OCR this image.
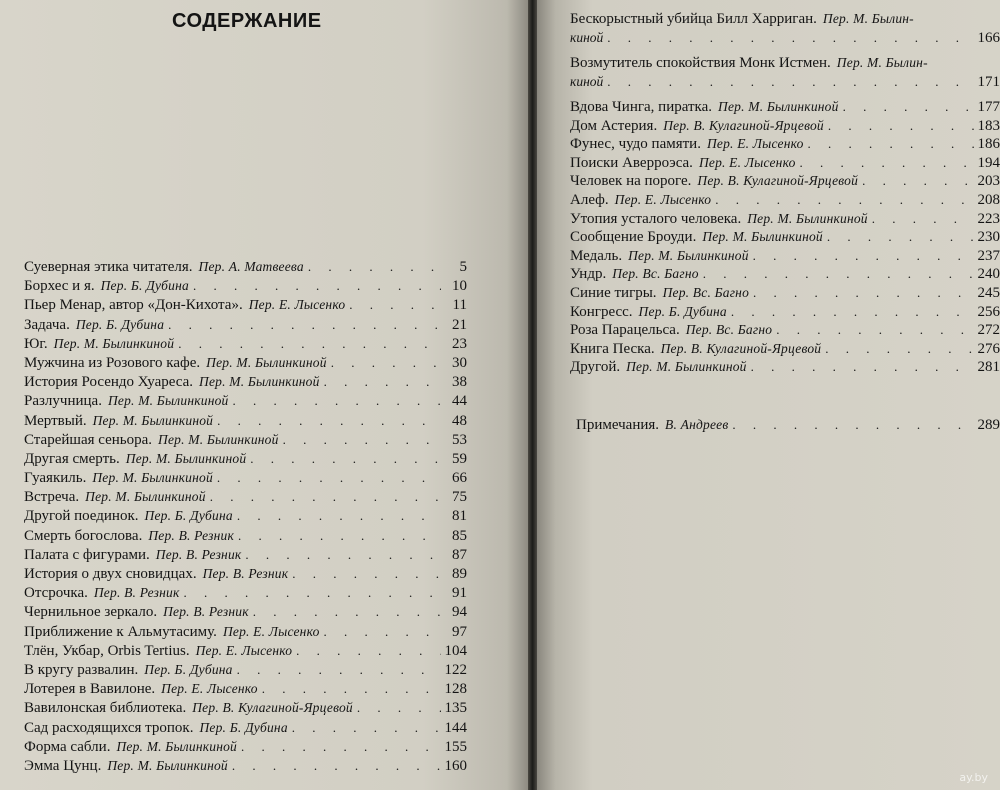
СОДЕРЖАНИЕ
Суеверная этика читателя. Пер. А. Матвеева . . .	5
Борхес и я. Пер. Б. Дубина . . .	10
Пьер Менар, автор «Дон-Кихота». Пер. Е. Лысенко . . .	11
Задача. Пер. Б. Дубина . . .	21
Юг. Пер. М. Былинкиной . . .	23
Мужчина из Розового кафе. Пер. М. Былинкиной . . .	30
История Росендо Хуареса. Пер. М. Былинкиной . . .	38
Разлучница. Пер. М. Былинкиной . . .	44
Мертвый. Пер. М. Былинкиной . . .	48
Старейшая сеньора. Пер. М. Былинкиной . . .	53
Другая смерть. Пер. М. Былинкиной . . .	59
Гуаякиль. Пер. М. Былинкиной . . .	66
Встреча. Пер. М. Былинкиной . . .	75
Другой поединок. Пер. Б. Дубина . . .	81
Смерть богослова. Пер. В. Резник . . .	85
Палата с фигурами. Пер. В. Резник . . .	87
История о двух сновидцах. Пер. В. Резник . . .	89
Отсрочка. Пер. В. Резник . . .	91
Чернильное зеркало. Пер. В. Резник . . .	94
Приближение к Альмутасиму. Пер. Е. Лысенко . . .	97
Тлён, Укбар, Orbis Tertius. Пер. Е. Лысенко . . .	104
В кругу развалин. Пер. Б. Дубина . . .	122
Лотерея в Вавилоне. Пер. Е. Лысенко . . .	128
Вавилонская библиотека. Пер. В. Кулагиной-Ярцевой . . .	135
Сад расходящихся тропок. Пер. Б. Дубина . . .	144
Форма сабли. Пер. М. Былинкиной . . .	155
Эмма Цунц. Пер. М. Былинкиной . . .	160
Бескорыстный убийца Билл Харриган. Пер. М. Былин-
киной . . .	166
Возмутитель спокойствия Монк Истмен. Пер. М. Былин-
киной . . .	171
Вдова Чинга, пиратка. Пер. М. Былинкиной . . .	177
Дом Астерия. Пер. В. Кулагиной-Ярцевой . . .	183
Фунес, чудо памяти. Пер. Е. Лысенко . . .	186
Поиски Аверроэса. Пер. Е. Лысенко . . .	194
Человек на пороге. Пер. В. Кулагиной-Ярцевой . . .	203
Алеф. Пер. Е. Лысенко . . .	208
Утопия усталого человека. Пер. М. Былинкиной . . .	223
Сообщение Броуди. Пер. М. Былинкиной . . .	230
Медаль. Пер. М. Былинкиной . . .	237
Ундр. Пер. Вс. Багно . . .	240
Синие тигры. Пер. Вс. Багно . . .	245
Конгресс. Пер. Б. Дубина . . .	256
Роза Парацельса. Пер. Вс. Багно . . .	272
Книга Песка. Пер. В. Кулагиной-Ярцевой . . .	276
Другой. Пер. М. Былинкиной . . .	281
Примечания. В. Андреев . . .	289
ay.by
